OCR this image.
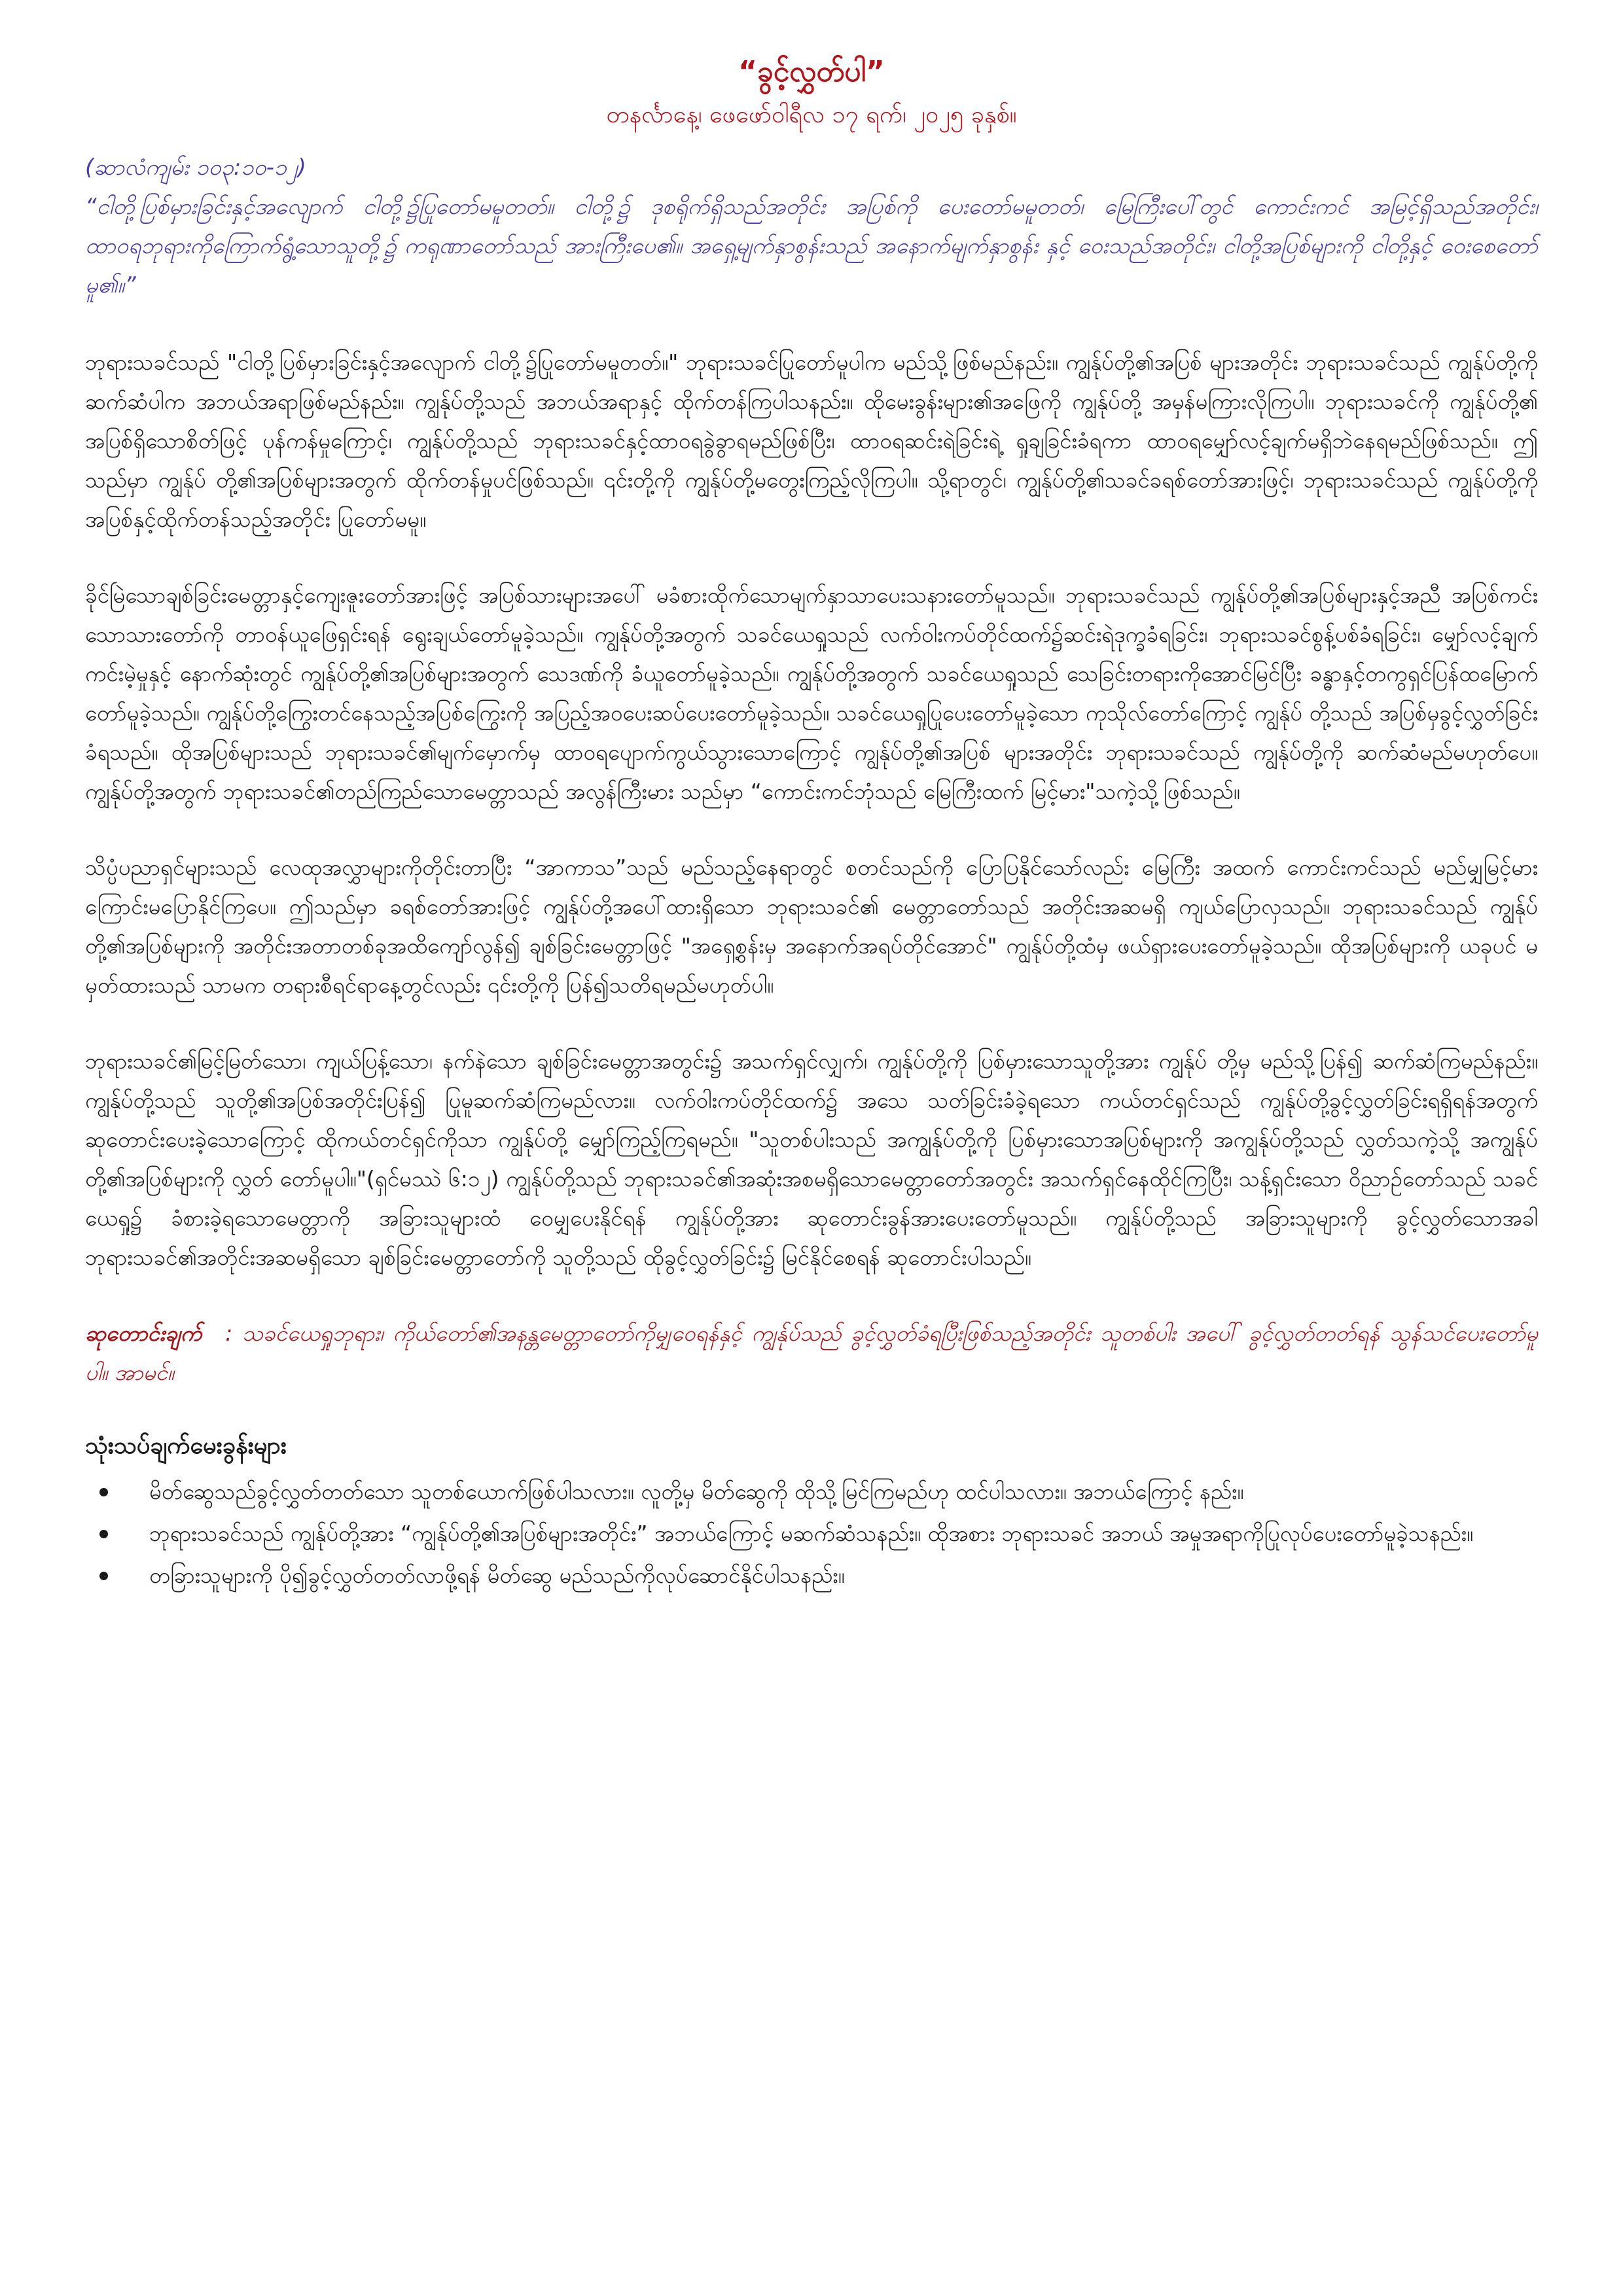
“ခွင့်လွှတ်ပါ”

တနင်္လာနေ့၊ ဖေဖော်ဝါရီလ ၁၇ ရက်၊ ၂၀၂၅ ခုနှစ်။

(ဆာလံကျမ်း ၁၀၃:၁၀-၁၂)

“ငါတို့ပြစ်မှားခြင်းနှင့်အလျောက် ငါတို့၌ပြုတော်မမူတတ်။ ငါတို့၌ ဒုစရိုက်ရှိသည်အတိုင်း အပြစ်ကို ပေးတော်မမူတတ်၊ မြေကြီးပေါ်တွင် ကောင်းကင် အမြင့်ရှိသည်အတိုင်း၊ ထာဝရဘုရားကိုကြောက်ရွံ့သောသူတို့၌ ကရုဏာတော်သည် အားကြီးပေ၏။ အရှေ့မျက်နှာစွန်းသည် အနောက်မျက်နှာစွန်း နှင့် ဝေးသည်အတိုင်း၊ ငါတို့အပြစ်များကို ငါတို့နှင့် ဝေးစေတော်မူ၏။”

ဘုရားသခင်သည် "ငါတို့ပြစ်မှားခြင်းနှင့်အလျောက် ငါတို့၌ပြုတော်မမူတတ်။" ဘုရားသခင်ပြုတော်မူပါက မည်သို့ဖြစ်မည်နည်း။ ကျွန်ုပ်တို့၏အပြစ် များအတိုင်း ဘုရားသခင်သည် ကျွန်ုပ်တို့ကို ဆက်ဆံပါက အဘယ်အရာဖြစ်မည်နည်း။ ကျွန်ုပ်တို့သည် အဘယ်အရာနှင့် ထိုက်တန်ကြပါသနည်း။ ထိုမေးခွန်းများ၏အဖြေကို ကျွန်ုပ်တို့ အမှန်မကြားလိုကြပါ။ ဘုရားသခင်ကို ကျွန်ုပ်တို့၏ အပြစ်ရှိသောစိတ်ဖြင့် ပုန်ကန်မှုကြောင့်၊ ကျွန်ုပ်တို့သည် ဘုရားသခင်နှင့်ထာဝရခွဲခွာရမည်ဖြစ်ပြီး၊ ထာဝရဆင်းရဲခြင်းရဲ့ ရှုချခြင်းခံရကာ ထာဝရမျှော်လင့်ချက်မရှိဘဲနေရမည်ဖြစ်သည်။ ဤသည်မှာ ကျွန်ုပ် တို့၏အပြစ်များအတွက် ထိုက်တန်မှုပင်ဖြစ်သည်။ ၎င်းတို့ကို ကျွန်ုပ်တို့မတွေးကြည့်လိုကြပါ။ သို့ရာတွင်၊ ကျွန်ုပ်တို့၏သခင်ခရစ်တော်အားဖြင့်၊ ဘုရားသခင်သည် ကျွန်ုပ်တို့ကိုအပြစ်နှင့်ထိုက်တန်သည့်အတိုင်း ပြုတော်မမူ။

ခိုင်မြဲသောချစ်ခြင်းမေတ္တာနှင့်ကျေးဇူးတော်အားဖြင့် အပြစ်သားများအပေါ် မခံစားထိုက်သောမျက်နှာသာပေးသနားတော်မူသည်။ ဘုရားသခင်သည် ကျွန်ုပ်တို့၏အပြစ်များနှင့်အညီ အပြစ်ကင်းသောသားတော်ကို တာဝန်ယူဖြေရှင်းရန် ရွေးချယ်တော်မူခဲ့သည်။ ကျွန်ုပ်တို့အတွက် သခင်ယေရှုသည် လက်ဝါးကပ်တိုင်ထက်၌ဆင်းရဲဒုက္ခခံရခြင်း၊ ဘုရားသခင်စွန့်ပစ်ခံရခြင်း၊ မျှော်လင့်ချက်ကင်းမဲ့မှုနှင့် နောက်ဆုံးတွင် ကျွန်ုပ်တို့၏အပြစ်များအတွက် သေဒဏ်ကို ခံယူတော်မူခဲ့သည်။ ကျွန်ုပ်တို့အတွက် သခင်ယေရှုသည် သေခြင်းတရားကိုအောင်မြင်ပြီး ခန္ဓာနှင့်တကွရှင်ပြန်ထမြောက်တော်မူခဲ့သည်။ ကျွန်ုပ်တို့ကြွေးတင်နေသည့်အပြစ်ကြွေးကို အပြည့်အဝပေးဆပ်ပေးတော်မူခဲ့သည်။ သခင်ယေရှုပြုပေးတော်မူခဲ့သော ကုသိုလ်တော်ကြောင့် ကျွန်ုပ် တို့သည် အပြစ်မှခွင့်လွှတ်ခြင်းခံရသည်။ ထိုအပြစ်များသည် ဘုရားသခင်၏မျက်မှောက်မှ ထာဝရပျောက်ကွယ်သွားသောကြောင့် ကျွန်ုပ်တို့၏အပြစ် များအတိုင်း ဘုရားသခင်သည် ကျွန်ုပ်တို့ကို ဆက်ဆံမည်မဟုတ်ပေ။ ကျွန်ုပ်တို့အတွက် ဘုရားသခင်၏တည်ကြည်သောမေတ္တာသည် အလွန်ကြီးမား သည်မှာ “ကောင်းကင်ဘုံသည် မြေကြီးထက် မြင့်မား"သကဲ့သို့ဖြစ်သည်။

သိပ္ပံပညာရှင်များသည် လေထုအလွှာများကိုတိုင်းတာပြီး “အာကာသ”သည် မည်သည့်နေရာတွင် စတင်သည်ကို ပြောပြနိုင်သော်လည်း မြေကြီး အထက် ကောင်းကင်သည် မည်မျှမြင့်မားကြောင်းမပြောနိုင်ကြပေ။ ဤသည်မှာ ခရစ်တော်အားဖြင့် ကျွန်ုပ်တို့အပေါ်ထားရှိသော ဘုရားသခင်၏ မေတ္တာတော်သည် အတိုင်းအဆမရှိ ကျယ်ပြောလှသည်။ ဘုရားသခင်သည် ကျွန်ုပ်တို့၏အပြစ်များကို အတိုင်းအတာတစ်ခုအထိကျော်လွန်၍ ချစ်ခြင်းမေတ္တာဖြင့် "အရှေ့စွန်းမှ အနောက်အရပ်တိုင်အောင်" ကျွန်ုပ်တို့ထံမှ ဖယ်ရှားပေးတော်မူခဲ့သည်။ ထိုအပြစ်များကို ယခုပင် မမှတ်ထားသည် သာမက တရားစီရင်ရာနေ့တွင်လည်း ၎င်းတို့ကို ပြန်၍သတိရမည်မဟုတ်ပါ။

ဘုရားသခင်၏မြင့်မြတ်သော၊ ကျယ်ပြန့်သော၊ နက်နဲသော ချစ်ခြင်းမေတ္တာအတွင်း၌ အသက်ရှင်လျှက်၊ ကျွန်ုပ်တို့ကို ပြစ်မှားသောသူတို့အား ကျွန်ုပ် တို့မှ မည်သို့ပြန်၍ ဆက်ဆံကြမည်နည်း။ ကျွန်ုပ်တို့သည် သူတို့၏အပြစ်အတိုင်းပြန်၍ ပြုမူဆက်ဆံကြမည်လား။ လက်ဝါးကပ်တိုင်ထက်၌ အသေ သတ်ခြင်းခံခဲ့ရသော ကယ်တင်ရှင်သည် ကျွန်ုပ်တို့ခွင့်လွှတ်ခြင်းရရှိရန်အတွက် ဆုတောင်းပေးခဲ့သောကြောင့် ထိုကယ်တင်ရှင်ကိုသာ ကျွန်ုပ်တို့ မျှော်ကြည့်ကြရမည်။ "သူတစ်ပါးသည် အကျွန်ုပ်တို့ကို ပြစ်မှားသောအပြစ်များကို အကျွန်ုပ်တို့သည် လွှတ်သကဲ့သို့ အကျွန်ုပ်တို့၏အပြစ်များကို လွှတ် တော်မူပါ။"(ရှင်မဿဲ ၆:၁၂) ကျွန်ုပ်တို့သည် ဘုရားသခင်၏အဆုံးအစမရှိသောမေတ္တာတော်အတွင်း အသက်ရှင်နေထိုင်ကြပြီး၊ သန့်ရှင်းသော ဝိညာဉ်တော်သည် သခင်ယေရှု၌ ခံစားခဲ့ရသောမေတ္တာကို အခြားသူများထံ ဝေမျှပေးနိုင်ရန် ကျွန်ုပ်တို့အား ဆုတောင်းခွန်အားပေးတော်မူသည်။ ကျွန်ုပ်တို့သည် အခြားသူများကို ခွင့်လွှတ်သောအခါ ဘုရားသခင်၏အတိုင်းအဆမရှိသော ချစ်ခြင်းမေတ္တာတော်ကို သူတို့သည် ထိုခွင့်လွှတ်ခြင်း၌ မြင်နိုင်စေရန် ဆုတောင်းပါသည်။

ဆုတောင်းချက် : သခင်ယေရှုဘုရား၊ ကိုယ်တော်၏အနန္တမေတ္တာတော်ကိုမျှဝေရန်နှင့် ကျွန်ုပ်သည် ခွင့်လွှတ်ခံရပြီးဖြစ်သည့်အတိုင်း သူတစ်ပါး အပေါ် ခွင့်လွှတ်တတ်ရန် သွန်သင်ပေးတော်မူပါ။ အာမင်။

သုံးသပ်ချက်မေးခွန်းများ

မိတ်ဆွေသည်ခွင့်လွှတ်တတ်သော သူတစ်ယောက်ဖြစ်ပါသလား။ လူတို့မှ မိတ်ဆွေကို ထိုသို့မြင်ကြမည်ဟု ထင်ပါသလား။ အဘယ်ကြောင့် နည်း။
ဘုရားသခင်သည် ကျွန်ုပ်တို့အား “ကျွန်ုပ်တို့၏အပြစ်များအတိုင်း” အဘယ်ကြောင့် မဆက်ဆံသနည်း။ ထိုအစား ဘုရားသခင် အဘယ် အမှုအရာကိုပြုလုပ်ပေးတော်မူခဲ့သနည်း။
တခြားသူများကို ပို၍ခွင့်လွှတ်တတ်လာဖို့ရန် မိတ်ဆွေ မည်သည်ကိုလုပ်ဆောင်နိုင်ပါသနည်း။
